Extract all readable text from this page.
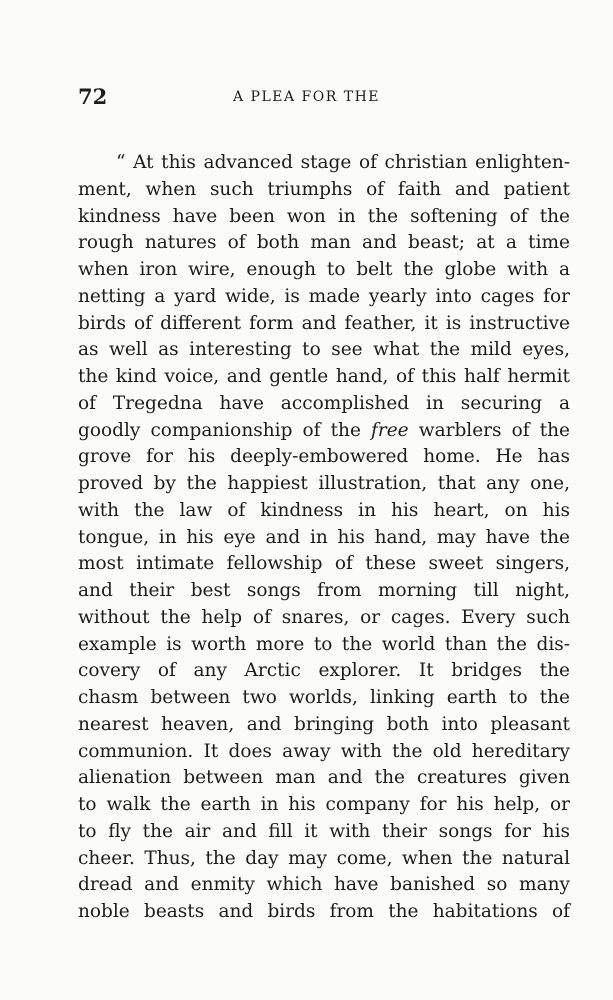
72	A PLEA FOR THE
“ At this advanced stage of christian enlighten-
ment, when such triumphs of faith and patient
kindness have been won in the softening of the
rough natures of both man and beast; at a time
when iron wire, enough to belt the globe with a
netting a yard wide, is made yearly into cages for
birds of different form and feather, it is instructive
as well as interesting to see what the mild eyes,
the kind voice, and gentle hand, of this half hermit
of Tregedna have accomplished in securing a
goodly companionship of the free warblers of the
grove for his deeply-embowered home. He has
proved by the happiest illustration, that any one,
with the law of kindness in his heart, on his
tongue, in his eye and in his hand, may have the
most intimate fellowship of these sweet singers,
and their best songs from morning till night,
without the help of snares, or cages. Every such
example is worth more to the world than the dis-
covery of any Arctic explorer. It bridges the
chasm between two worlds, linking earth to the
nearest heaven, and bringing both into pleasant
communion. It does away with the old hereditary
alienation between man and the creatures given
to walk the earth in his company for his help, or
to fly the air and fill it with their songs for his
cheer. Thus, the day may come, when the natural
dread and enmity which have banished so many
noble beasts and birds from the habitations of
